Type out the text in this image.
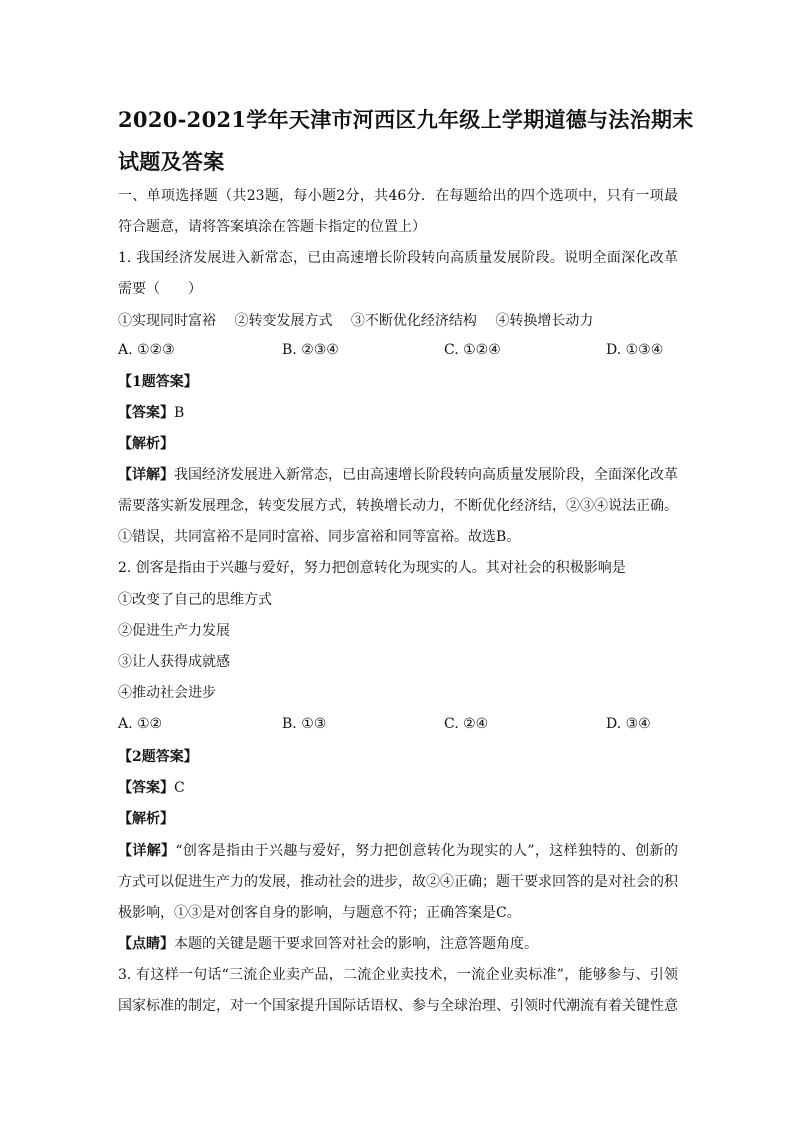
2020-2021学年天津市河西区九年级上学期道德与法治期末
试题及答案
一、单项选择题（共23题，每小题2分，共46分．在每题给出的四个选项中，只有一项最
符合题意，请将答案填涂在答题卡指定的位置上）
1. 我国经济发展进入新常态，已由高速增长阶段转向高质量发展阶段。说明全面深化改革
需要（　　）
①实现同时富裕　 ②转变发展方式　 ③不断优化经济结构　 ④转换增长动力
A. ①②③	B. ②③④	C. ①②④	D. ①③④
【1题答案】
【答案】B
【解析】
【详解】我国经济发展进入新常态，已由高速增长阶段转向高质量发展阶段，全面深化改革
需要落实新发展理念，转变发展方式，转换增长动力，不断优化经济结，②③④说法正确。
①错误，共同富裕不是同时富裕、同步富裕和同等富裕。故选B。
2. 创客是指由于兴趣与爱好，努力把创意转化为现实的人。其对社会的积极影响是
①改变了自己的思维方式
②促进生产力发展
③让人获得成就感
④推动社会进步
A. ①②	B. ①③	C. ②④	D. ③④
【2题答案】
【答案】C
【解析】
【详解】“创客是指由于兴趣与爱好，努力把创意转化为现实的人”，这样独特的、创新的
方式可以促进生产力的发展，推动社会的进步，故②④正确；题干要求回答的是对社会的积
极影响，①③是对创客自身的影响，与题意不符；正确答案是C。
【点睛】本题的关键是题干要求回答对社会的影响，注意答题角度。
3. 有这样一句话“三流企业卖产品，二流企业卖技术，一流企业卖标准”，能够参与、引领
国家标准的制定，对一个国家提升国际话语权、参与全球治理、引领时代潮流有着关键性意
